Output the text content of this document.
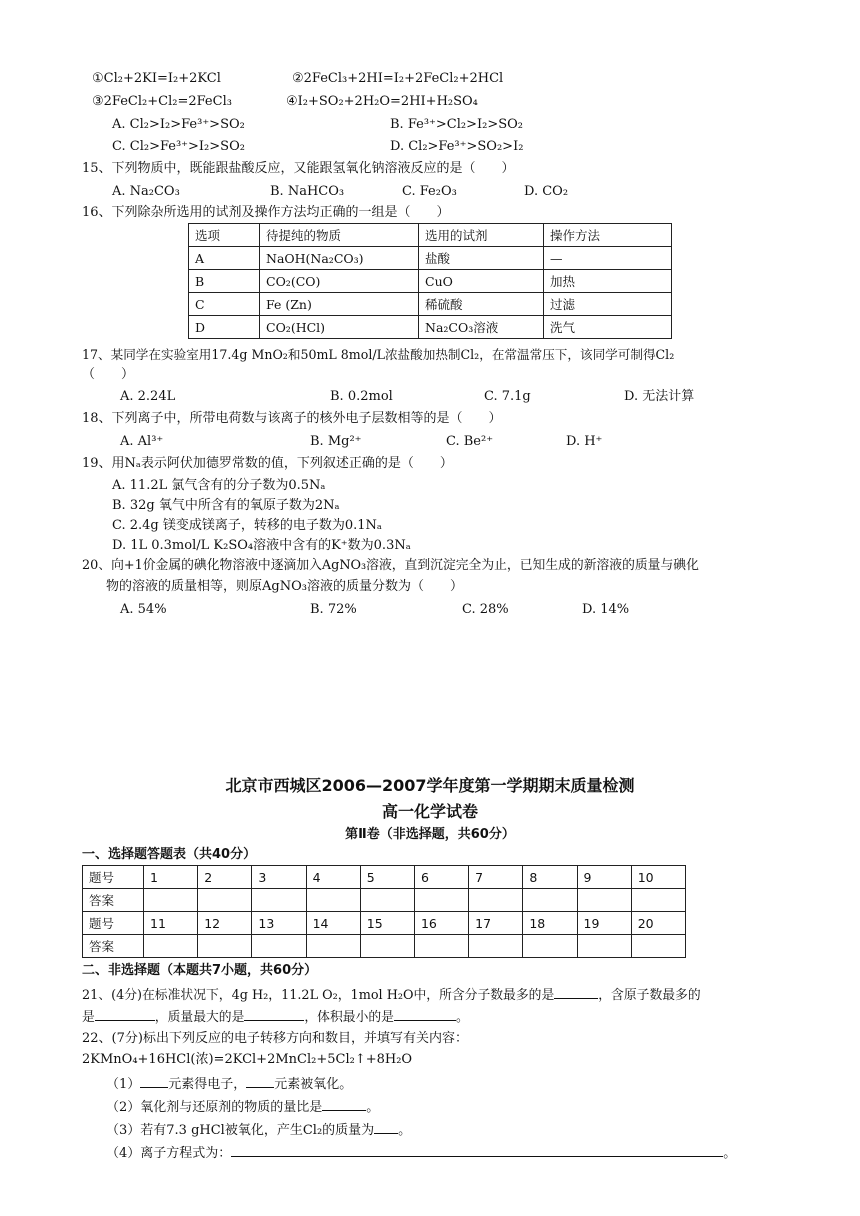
①Cl₂+2KI=I₂+2KCl	②2FeCl₃+2HI=I₂+2FeCl₂+2HCl
③2FeCl₂+Cl₂=2FeCl₃	④I₂+SO₂+2H₂O=2HI+H₂SO₄
A. Cl₂>I₂>Fe³⁺>SO₂	B. Fe³⁺>Cl₂>I₂>SO₂
C. Cl₂>Fe³⁺>I₂>SO₂	D. Cl₂>Fe³⁺>SO₂>I₂
15、下列物质中，既能跟盐酸反应，又能跟氢氧化钠溶液反应的是（　　）
A. Na₂CO₃	B. NaHCO₃	C. Fe₂O₃	D. CO₂
16、下列除杂所选用的试剂及操作方法均正确的一组是（　　）
选项	待提纯的物质	选用的试剂	操作方法
A	NaOH(Na₂CO₃)	盐酸	—
B	CO₂(CO)	CuO	加热
C	Fe (Zn)	稀硫酸	过滤
D	CO₂(HCl)	Na₂CO₃溶液	洗气
17、某同学在实验室用17.4g MnO₂和50mL 8mol/L浓盐酸加热制Cl₂，在常温常压下，该同学可制得Cl₂
（　　）
A. 2.24L	B. 0.2mol	C. 7.1g	D. 无法计算
18、下列离子中，所带电荷数与该离子的核外电子层数相等的是（　　）
A. Al³⁺	B. Mg²⁺	C. Be²⁺	D. H⁺
19、用Nₐ表示阿伏加德罗常数的值，下列叙述正确的是（　　）
A. 11.2L 氯气含有的分子数为0.5Nₐ
B. 32g 氧气中所含有的氧原子数为2Nₐ
C. 2.4g 镁变成镁离子，转移的电子数为0.1Nₐ
D. 1L 0.3mol/L K₂SO₄溶液中含有的K⁺数为0.3Nₐ
20、向+1价金属的碘化物溶液中逐滴加入AgNO₃溶液，直到沉淀完全为止，已知生成的新溶液的质量与碘化
物的溶液的质量相等，则原AgNO₃溶液的质量分数为（　　）
A. 54%	B. 72%	C. 28%	D. 14%
北京市西城区2006—2007学年度第一学期期末质量检测
高一化学试卷
第Ⅱ卷（非选择题，共60分）
一、选择题答题表（共40分）
题号	1	2	3	4	5	6	7	8	9	10
答案										
题号	11	12	13	14	15	16	17	18	19	20
答案										
二、非选择题（本题共7小题，共60分）
21、(4分)在标准状况下，4g H₂，11.2L O₂，1mol H₂O中，所含分子数最多的是	，含原子数最多的
是	，质量最大的是	，体积最小的是	。
22、(7分)标出下列反应的电子转移方向和数目，并填写有关内容：
2KMnO₄+16HCl(浓)=2KCl+2MnCl₂+5Cl₂↑+8H₂O
（1） 元素得电子， 元素被氧化。
（2）氧化剂与还原剂的物质的量比是	。
（3）若有7.3 gHCl被氧化，产生Cl₂的质量为 。
（4）离子方程式为：	。
